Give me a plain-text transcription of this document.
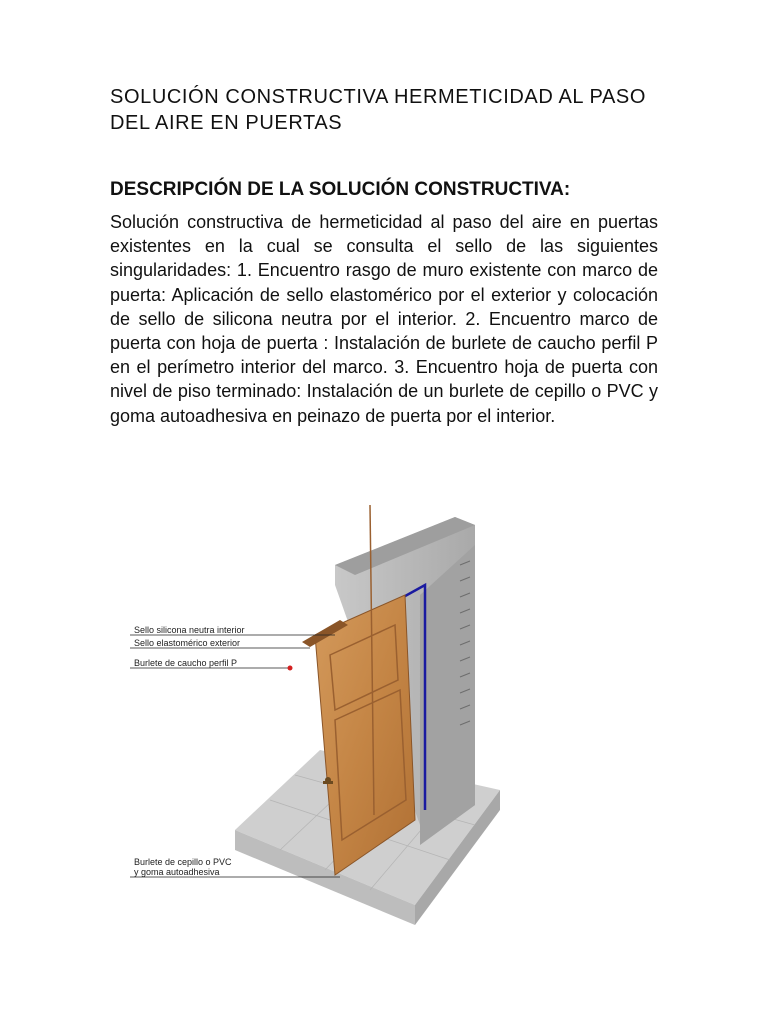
SOLUCIÓN CONSTRUCTIVA HERMETICIDAD AL PASO
DEL AIRE EN PUERTAS
DESCRIPCIÓN DE LA SOLUCIÓN CONSTRUCTIVA:

Solución constructiva de hermeticidad al paso del aire en puertas existentes en la cual se consulta el sello de las siguientes singularidades: 1. Encuentro rasgo de muro existente con marco de puerta: Aplicación de sello elastomérico por el exterior y colocación de sello de silicona neutra por el interior. 2. Encuentro marco de puerta con hoja de puerta : Instalación de burlete de caucho perfil P en el perímetro interior del marco. 3. Encuentro hoja de puerta con nivel de piso terminado: Instalación de un burlete de cepillo o PVC y goma autoadhesiva en peinazo de puerta por el interior.

Sello silicona neutra interior
Sello elastomérico exterior
Burlete de caucho perfil P
Burlete de cepillo o PVC
y goma autoadhesiva
